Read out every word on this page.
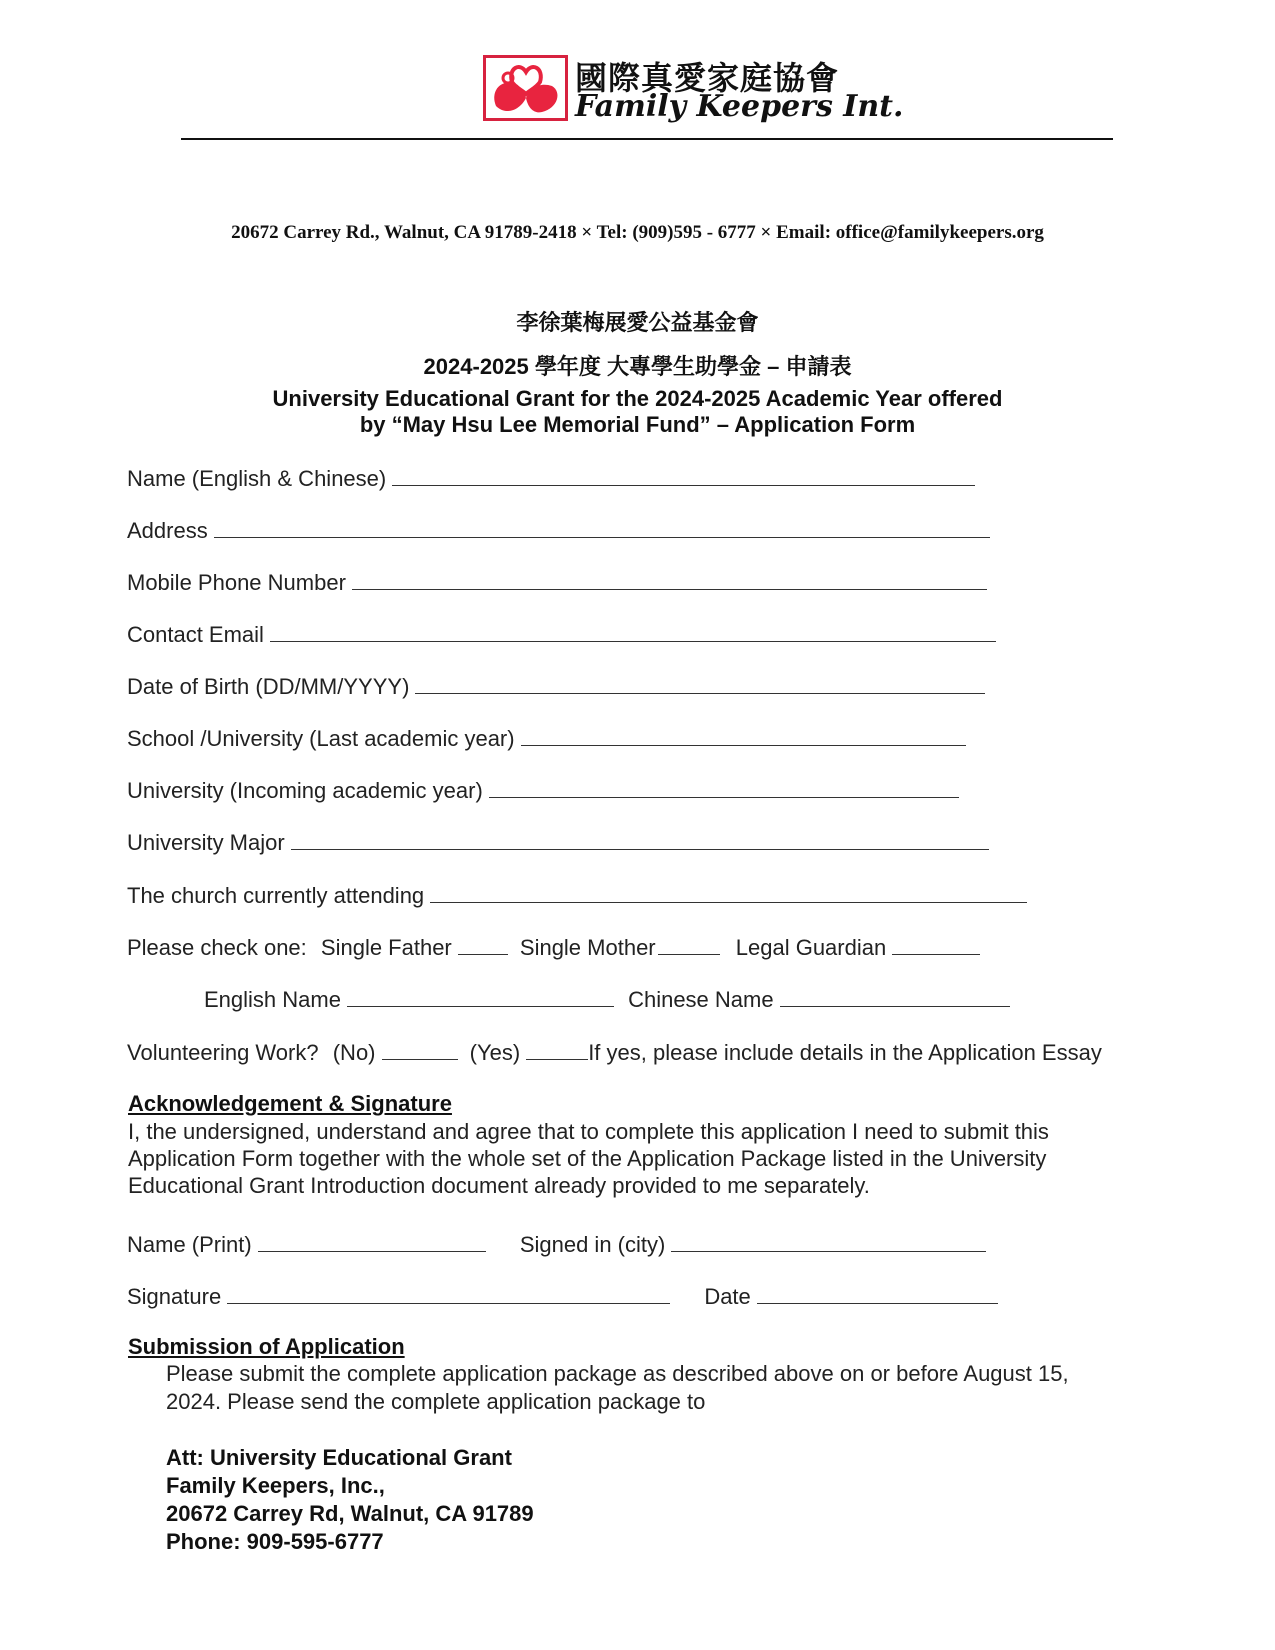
國際真愛家庭協會
Family Keepers Int.
20672 Carrey Rd., Walnut, CA 91789-2418 × Tel: (909)595 - 6777 × Email: office@familykeepers.org
李徐葉梅展愛公益基金會
2024-2025 學年度 大專學生助學金 – 申請表
University Educational Grant for the 2024-2025 Academic Year offered
by “May Hsu Lee Memorial Fund” – Application Form
Name (English & Chinese)
Address
Mobile Phone Number
Contact Email
Date of Birth (DD/MM/YYYY)
School /University (Last academic year)
University (Incoming academic year)
University Major
The church currently attending
Please check one: Single Father	Single Mother	Legal Guardian
English Name	Chinese Name
Volunteering Work? (No)	(Yes)	If yes, please include details in the Application Essay
Acknowledgement & Signature
I, the undersigned, understand and agree that to complete this application I need to submit this
Application Form together with the whole set of the Application Package listed in the University
Educational Grant Introduction document already provided to me separately.
Name (Print)	Signed in (city)
Signature	Date
Submission of Application
Please submit the complete application package as described above on or before August 15,
2024. Please send the complete application package to
Att: University Educational Grant
Family Keepers, Inc.,
20672 Carrey Rd, Walnut, CA 91789
Phone: 909-595-6777
